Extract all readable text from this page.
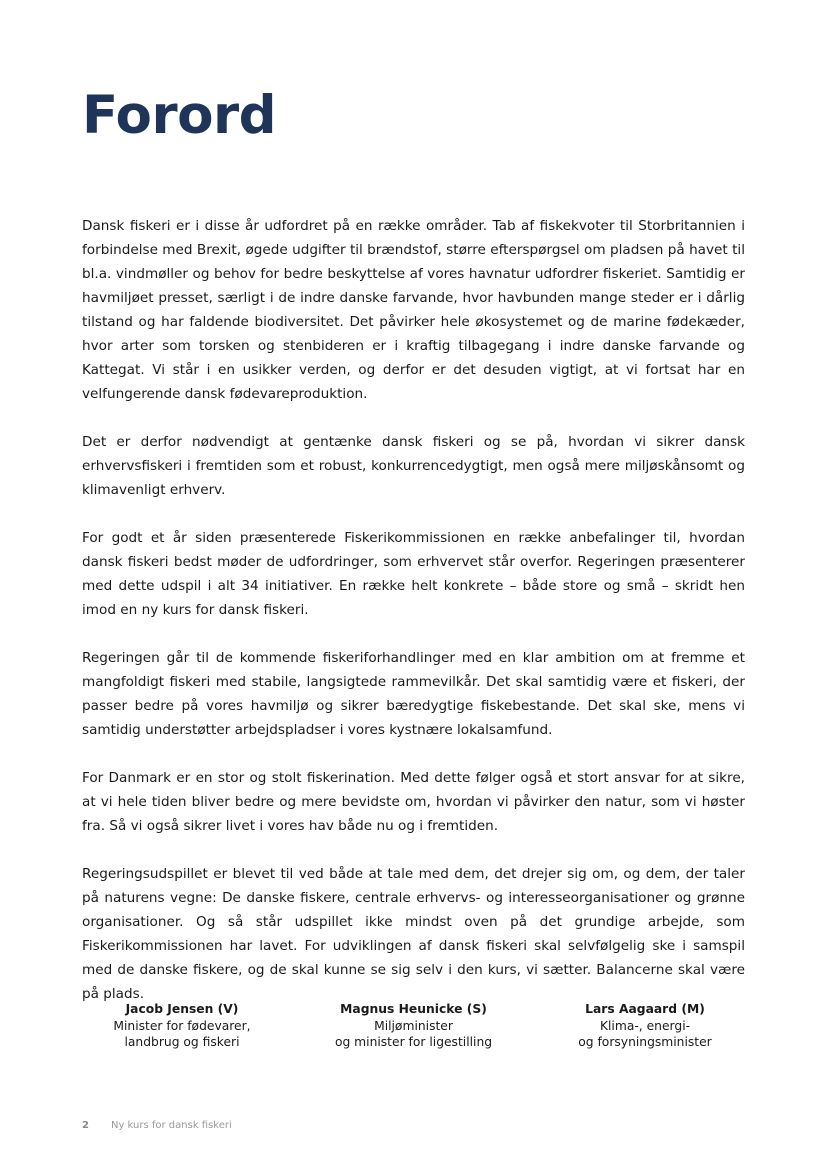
Forord

Dansk fiskeri er i disse år udfordret på en række områder. Tab af fiskekvoter til Storbritannien i forbindelse med Brexit, øgede udgifter til brændstof, større efterspørgsel om pladsen på havet til bl.a. vindmøller og behov for bedre beskyttelse af vores havnatur udfordrer fiskeriet. Samtidig er havmiljøet presset, særligt i de indre danske farvande, hvor havbunden mange steder er i dårlig tilstand og har faldende biodiversitet. Det påvirker hele økosystemet og de marine fødekæder, hvor arter som torsken og stenbideren er i kraftig tilbagegang i indre danske farvande og Kattegat. Vi står i en usikker verden, og derfor er det desuden vigtigt, at vi fortsat har en velfungerende dansk fødevareproduktion.

Det er derfor nødvendigt at gentænke dansk fiskeri og se på, hvordan vi sikrer dansk erhvervsfiskeri i fremtiden som et robust, konkurrencedygtigt, men også mere miljøskånsomt og klimavenligt erhverv.

For godt et år siden præsenterede Fiskerikommissionen en række anbefalinger til, hvordan dansk fiskeri bedst møder de udfordringer, som erhvervet står overfor. Regeringen præsenterer med dette udspil i alt 34 initiativer. En række helt konkrete – både store og små – skridt hen imod en ny kurs for dansk fiskeri.

Regeringen går til de kommende fiskeriforhandlinger med en klar ambition om at fremme et mangfoldigt fiskeri med stabile, langsigtede rammevilkår. Det skal samtidig være et fiskeri, der passer bedre på vores havmiljø og sikrer bæredygtige fiskebestande. Det skal ske, mens vi samtidig understøtter arbejdspladser i vores kystnære lokalsamfund.

For Danmark er en stor og stolt fiskerination. Med dette følger også et stort ansvar for at sikre, at vi hele tiden bliver bedre og mere bevidste om, hvordan vi påvirker den natur, som vi høster fra. Så vi også sikrer livet i vores hav både nu og i fremtiden.

Regeringsudspillet er blevet til ved både at tale med dem, det drejer sig om, og dem, der taler på naturens vegne: De danske fiskere, centrale erhvervs- og interesseorganisationer og grønne organisationer. Og så står udspillet ikke mindst oven på det grundige arbejde, som Fiskerikommissionen har lavet. For udviklingen af dansk fiskeri skal selvfølgelig ske i samspil med de danske fiskere, og de skal kunne se sig selv i den kurs, vi sætter. Balancerne skal være på plads.

Jacob Jensen (V)
Minister for fødevarer,
landbrug og fiskeri
Magnus Heunicke (S)
Miljøminister
og minister for ligestilling
Lars Aagaard (M)
Klima-, energi-
og forsyningsminister
2 Ny kurs for dansk fiskeri
